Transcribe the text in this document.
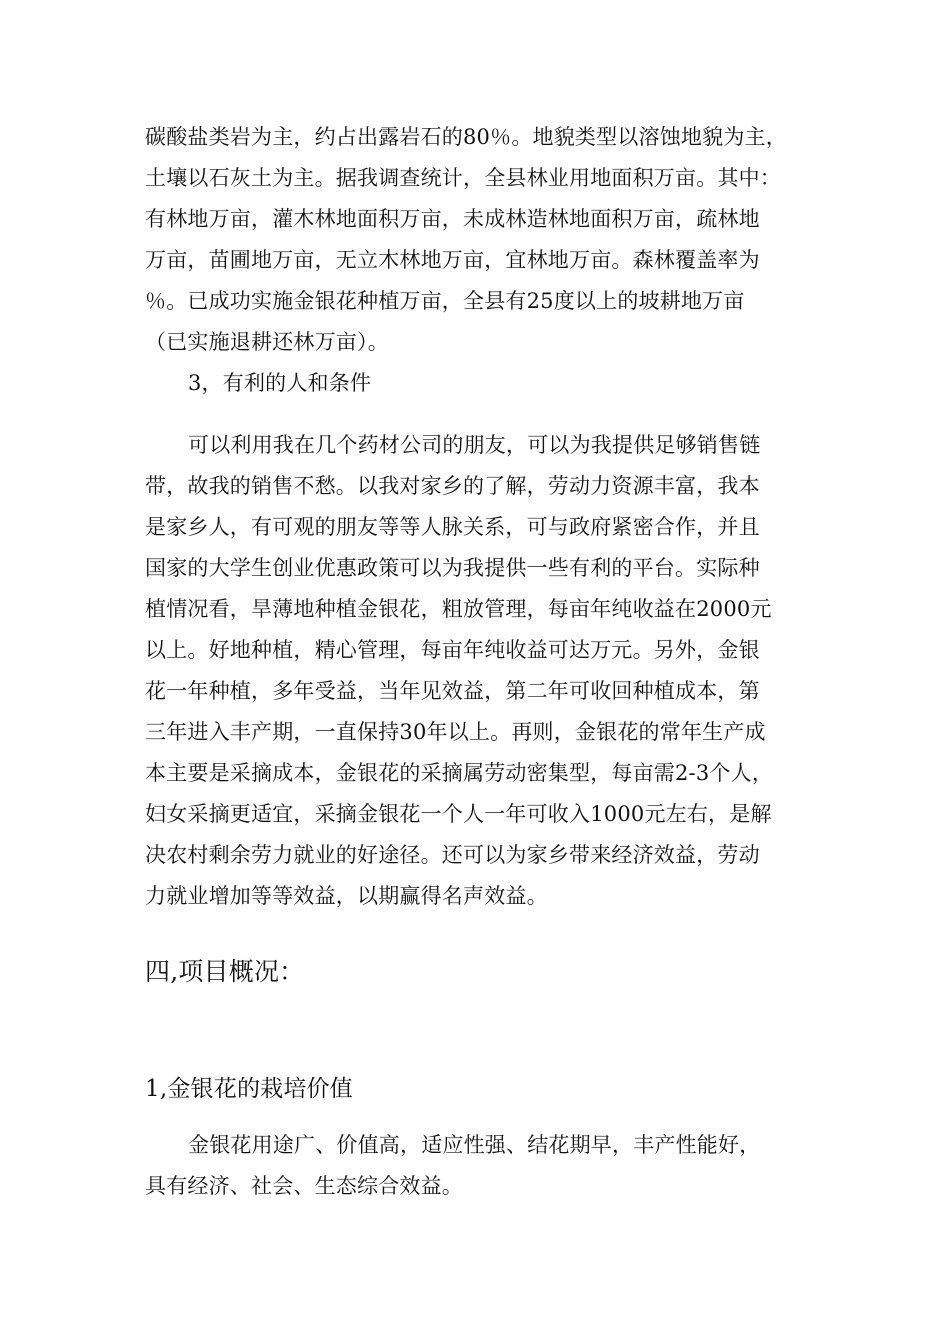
碳酸盐类岩为主，约占出露岩石的80％。地貌类型以溶蚀地貌为主，
土壤以石灰土为主。据我调查统计，全县林业用地面积万亩。其中：
有林地万亩，灌木林地面积万亩，未成林造林地面积万亩，疏林地
万亩，苗圃地万亩，无立木林地万亩，宜林地万亩。森林覆盖率为
％。已成功实施金银花种植万亩，全县有25度以上的坡耕地万亩
（已实施退耕还林万亩）。
3，有利的人和条件
可以利用我在几个药材公司的朋友，可以为我提供足够销售链
带，故我的销售不愁。以我对家乡的了解，劳动力资源丰富，我本
是家乡人，有可观的朋友等等人脉关系，可与政府紧密合作，并且
国家的大学生创业优惠政策可以为我提供一些有利的平台。实际种
植情况看，旱薄地种植金银花，粗放管理，每亩年纯收益在2000元
以上。好地种植，精心管理，每亩年纯收益可达万元。另外，金银
花一年种植，多年受益，当年见效益，第二年可收回种植成本，第
三年进入丰产期，一直保持30年以上。再则，金银花的常年生产成
本主要是采摘成本，金银花的采摘属劳动密集型，每亩需2-3个人，
妇女采摘更适宜，采摘金银花一个人一年可收入1000元左右，是解
决农村剩余劳力就业的好途径。还可以为家乡带来经济效益，劳动
力就业增加等等效益，以期赢得名声效益。
四,项目概况：
1,金银花的栽培价值
金银花用途广、价值高，适应性强、结花期早，丰产性能好，
具有经济、社会、生态综合效益。
